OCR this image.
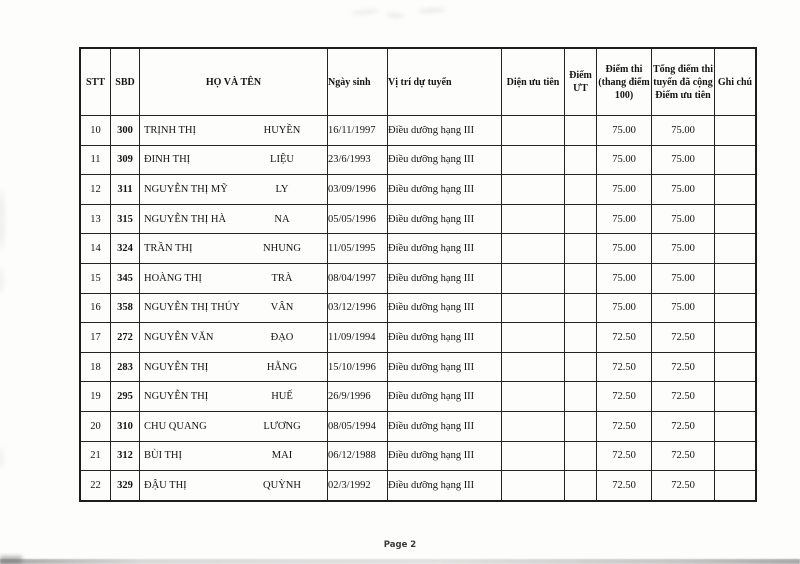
STT	SBD	HỌ VÀ TÊN	Ngày sinh	Vị trí dự tuyển	Diện ưu tiên	Điểm ƯT	Điểm thi (thang điểm 100)	Tổng điểm thi tuyển đã cộng Điểm ưu tiên	Ghi chú
10	300	TRỊNH THỊ HUYỀN	16/11/1997	Điều dưỡng hạng III			75.00	75.00	
11	309	ĐINH THỊ LIỆU	23/6/1993	Điều dưỡng hạng III			75.00	75.00	
12	311	NGUYỄN THỊ MỸ LY	03/09/1996	Điều dưỡng hạng III			75.00	75.00	
13	315	NGUYỄN THỊ HÀ NA	05/05/1996	Điều dưỡng hạng III			75.00	75.00	
14	324	TRẦN THỊ NHUNG	11/05/1995	Điều dưỡng hạng III			75.00	75.00	
15	345	HOÀNG THỊ TRÀ	08/04/1997	Điều dưỡng hạng III			75.00	75.00	
16	358	NGUYỄN THỊ THÚY VÂN	03/12/1996	Điều dưỡng hạng III			75.00	75.00	
17	272	NGUYỄN VĂN ĐẠO	11/09/1994	Điều dưỡng hạng III			72.50	72.50	
18	283	NGUYỄN THỊ HẰNG	15/10/1996	Điều dưỡng hạng III			72.50	72.50	
19	295	NGUYỄN THỊ HUẾ	26/9/1996	Điều dưỡng hạng III			72.50	72.50	
20	310	CHU QUANG LƯƠNG	08/05/1994	Điều dưỡng hạng III			72.50	72.50	
21	312	BÙI THỊ MAI	06/12/1988	Điều dưỡng hạng III			72.50	72.50	
22	329	ĐẬU THỊ QUỲNH	02/3/1992	Điều dưỡng hạng III			72.50	72.50	
Page 2
